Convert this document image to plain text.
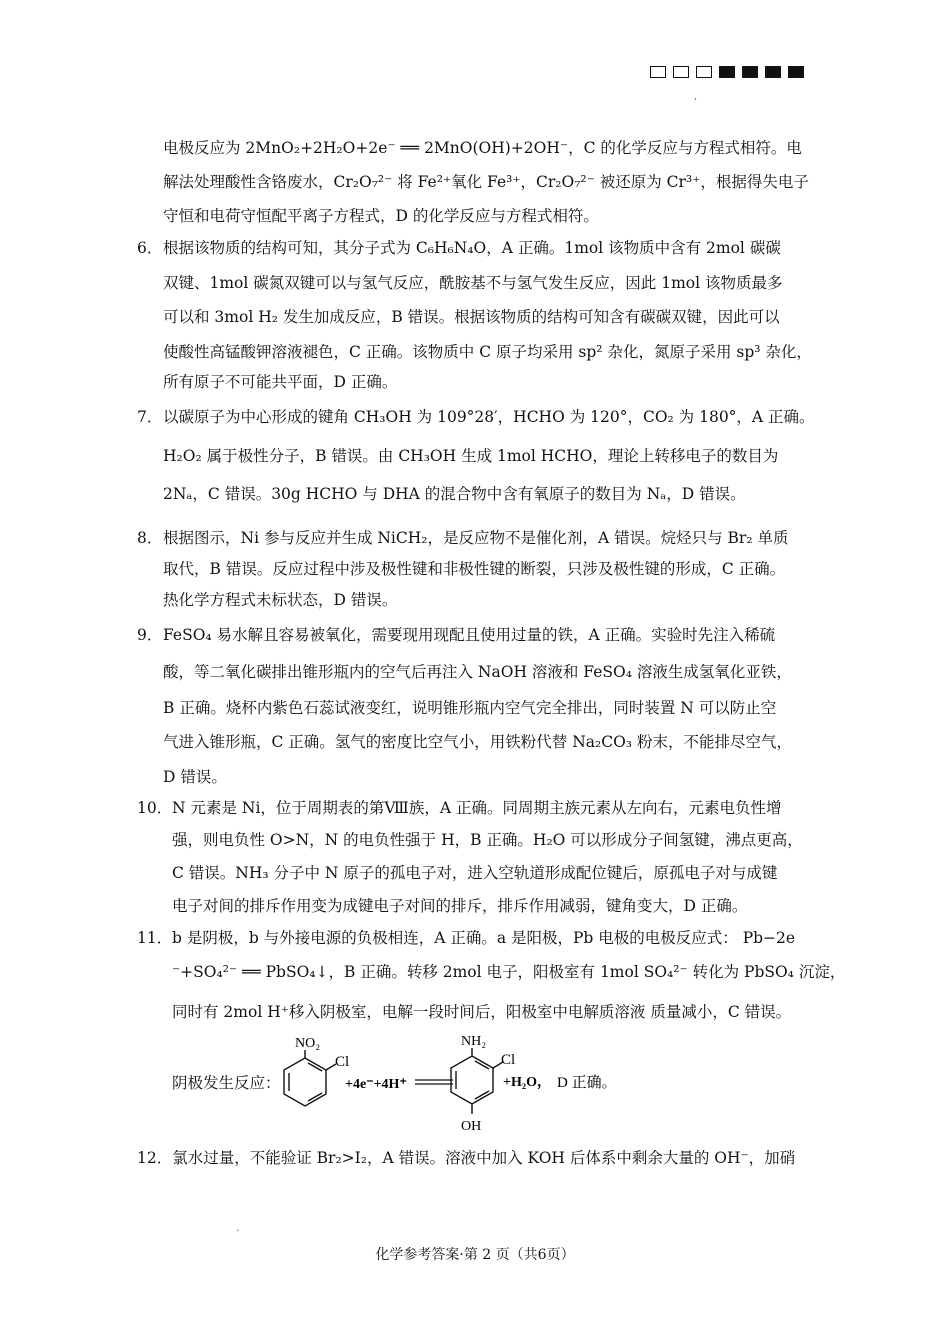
,
电极反应为 2MnO₂+2H₂O+2e⁻ ══ 2MnO(OH)+2OH⁻，C 的化学反应与方程式相符。电
解法处理酸性含铬废水，Cr₂O₇²⁻ 将 Fe²⁺氧化 Fe³⁺，Cr₂O₇²⁻ 被还原为 Cr³⁺，根据得失电子
守恒和电荷守恒配平离子方程式，D 的化学反应与方程式相符。
6． 根据该物质的结构可知，其分子式为 C₆H₆N₄O，A 正确。1mol 该物质中含有 2mol 碳碳
双键、1mol 碳氮双键可以与氢气反应，酰胺基不与氢气发生反应，因此 1mol 该物质最多
可以和 3mol H₂ 发生加成反应，B 错误。根据该物质的结构可知含有碳碳双键，因此可以
使酸性高锰酸钾溶液褪色，C 正确。该物质中 C 原子均采用 sp² 杂化，氮原子采用 sp³ 杂化，
所有原子不可能共平面，D 正确。
7． 以碳原子为中心形成的键角 CH₃OH 为 109°28′，HCHO 为 120°，CO₂ 为 180°，A 正确。
H₂O₂ 属于极性分子，B 错误。由 CH₃OH 生成 1mol HCHO，理论上转移电子的数目为
2Nₐ，C 错误。30g HCHO 与 DHA 的混合物中含有氧原子的数目为 Nₐ，D 错误。
8． 根据图示，Ni 参与反应并生成 NiCH₂，是反应物不是催化剂，A 错误。烷烃只与 Br₂ 单质
取代，B 错误。反应过程中涉及极性键和非极性键的断裂，只涉及极性键的形成，C 正确。
热化学方程式未标状态，D 错误。
9． FeSO₄ 易水解且容易被氧化，需要现用现配且使用过量的铁，A 正确。实验时先注入稀硫
酸，等二氧化碳排出锥形瓶内的空气后再注入 NaOH 溶液和 FeSO₄ 溶液生成氢氧化亚铁，
B 正确。烧杯内紫色石蕊试液变红，说明锥形瓶内空气完全排出，同时装置 N 可以防止空
气进入锥形瓶，C 正确。氢气的密度比空气小，用铁粉代替 Na₂CO₃ 粉末，不能排尽空气，
D 错误。
10． N 元素是 Ni，位于周期表的第Ⅷ族，A 正确。同周期主族元素从左向右，元素电负性增
强，则电负性 O>N，N 的电负性强于 H，B 正确。H₂O 可以形成分子间氢键，沸点更高，
C 错误。NH₃ 分子中 N 原子的孤电子对，进入空轨道形成配位键后，原孤电子对与成键
电子对间的排斥作用变为成键电子对间的排斥，排斥作用减弱，键角变大，D 正确。
11． b 是阴极，b 与外接电源的负极相连，A 正确。a 是阳极，Pb 电极的电极反应式： Pb−2e
⁻+SO₄²⁻ ══ PbSO₄↓，B 正确。转移 2mol 电子，阳极室有 1mol SO₄²⁻ 转化为 PbSO₄ 沉淀，
同时有 2mol H⁺移入阴极室，电解一段时间后，阳极室中电解质溶液 质量减小，C 错误。
阴极发生反应：
NO₂
Cl
+4e⁻+4H⁺
NH₂
Cl
OH
+H₂O， D 正确。
12．氯水过量，不能验证 Br₂>I₂，A 错误。溶液中加入 KOH 后体系中剩余大量的 OH⁻，加硝
.
化学参考答案·第 2 页（共6页）
